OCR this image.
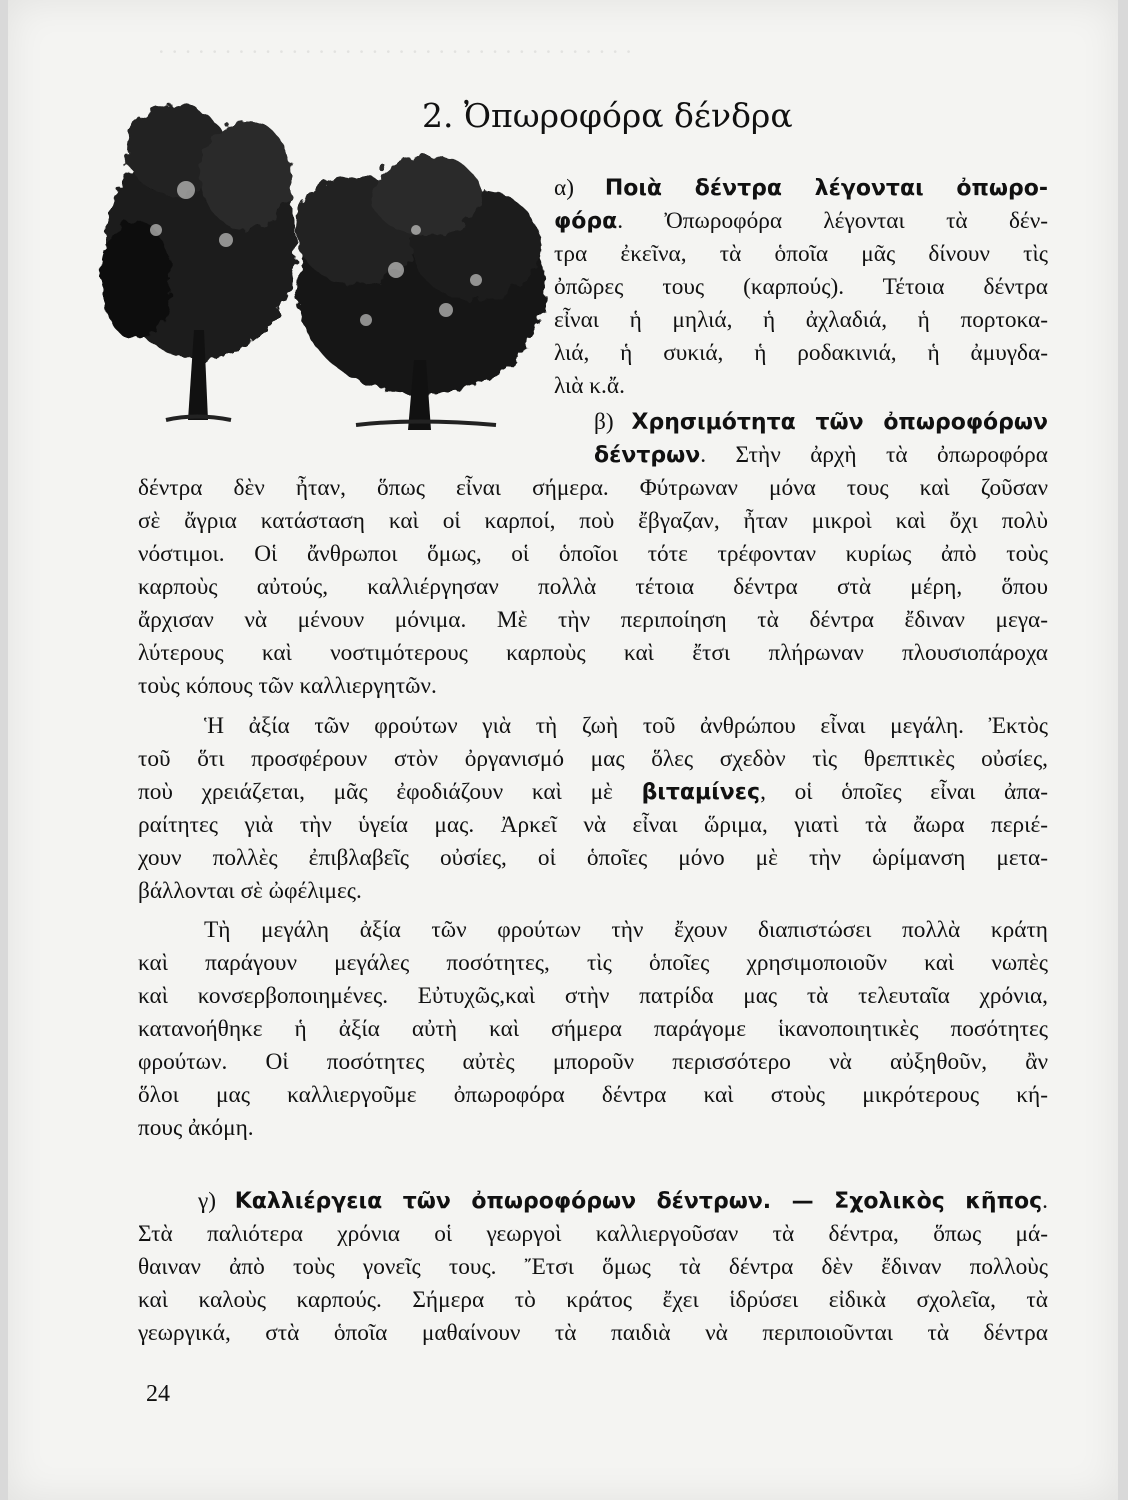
· · · · · · · · · · · · · · · · · · · · · · · · · · · · · · · · · · · ·
2. Ὀπωροφόρα δένδρα
α) Ποιὰ δέντρα λέγονται ὀπωρο-
φόρα. Ὀπωροφόρα λέγονται τὰ δέν-
τρα ἐκεῖνα, τὰ ὁποῖα μᾶς δίνουν τὶς
ὀπῶρες τους (καρπούς). Τέτοια δέντρα
εἶναι ἡ μηλιά, ἡ ἀχλαδιά, ἡ πορτοκα-
λιά, ἡ συκιά, ἡ ροδακινιά, ἡ ἀμυγδα-
λιὰ κ.ἄ.
β) Χρησιμότητα τῶν ὀπωροφόρων
δέντρων. Στὴν ἀρχὴ τὰ ὀπωροφόρα
δέντρα δὲν ἦταν, ὅπως εἶναι σήμερα. Φύτρωναν μόνα τους καὶ ζοῦσαν
σὲ ἄγρια κατάσταση καὶ οἱ καρποί, ποὺ ἔβγαζαν, ἦταν μικροὶ καὶ ὄχι πολὺ
νόστιμοι. Οἱ ἄνθρωποι ὅμως, οἱ ὁποῖοι τότε τρέφονταν κυρίως ἀπὸ τοὺς
καρποὺς αὐτούς, καλλιέργησαν πολλὰ τέτοια δέντρα στὰ μέρη, ὅπου
ἄρχισαν νὰ μένουν μόνιμα. Μὲ τὴν περιποίηση τὰ δέντρα ἔδιναν μεγα-
λύτερους καὶ νοστιμότερους καρποὺς καὶ ἔτσι πλήρωναν πλουσιοπάροχα
τοὺς κόπους τῶν καλλιεργητῶν.
Ἡ ἀξία τῶν φρούτων γιὰ τὴ ζωὴ τοῦ ἀνθρώπου εἶναι μεγάλη. Ἐκτὸς
τοῦ ὅτι προσφέρουν στὸν ὀργανισμό μας ὅλες σχεδὸν τὶς θρεπτικὲς οὐσίες,
ποὺ χρειάζεται, μᾶς ἐφοδιάζουν καὶ μὲ βιταμίνες, οἱ ὁποῖες εἶναι ἀπα-
ραίτητες γιὰ τὴν ὑγεία μας. Ἀρκεῖ νὰ εἶναι ὥριμα, γιατὶ τὰ ἄωρα περιέ-
χουν πολλὲς ἐπιβλαβεῖς οὐσίες, οἱ ὁποῖες μόνο μὲ τὴν ὡρίμανση μετα-
βάλλονται σὲ ὠφέλιμες.
Τὴ μεγάλη ἀξία τῶν φρούτων τὴν ἔχουν διαπιστώσει πολλὰ κράτη
καὶ παράγουν μεγάλες ποσότητες, τὶς ὁποῖες χρησιμοποιοῦν καὶ νωπὲς
καὶ κονσερβοποιημένες. Εὐτυχῶς,καὶ στὴν πατρίδα μας τὰ τελευταῖα χρόνια,
κατανοήθηκε ἡ ἀξία αὐτὴ καὶ σήμερα παράγομε ἱκανοποιητικὲς ποσότητες
φρούτων. Οἱ ποσότητες αὐτὲς μποροῦν περισσότερο νὰ αὐξηθοῦν, ἂν
ὅλοι μας καλλιεργοῦμε ὀπωροφόρα δέντρα καὶ στοὺς μικρότερους κή-
πους ἀκόμη.
γ) Καλλιέργεια τῶν ὀπωροφόρων δέντρων. — Σχολικὸς κῆπος.
Στὰ παλιότερα χρόνια οἱ γεωργοὶ καλλιεργοῦσαν τὰ δέντρα, ὅπως μά-
θαιναν ἀπὸ τοὺς γονεῖς τους. Ἔτσι ὅμως τὰ δέντρα δὲν ἔδιναν πολλοὺς
καὶ καλοὺς καρπούς. Σήμερα τὸ κράτος ἔχει ἱδρύσει εἰδικὰ σχολεῖα, τὰ
γεωργικά, στὰ ὁποῖα μαθαίνουν τὰ παιδιὰ νὰ περιποιοῦνται τὰ δέντρα
24
